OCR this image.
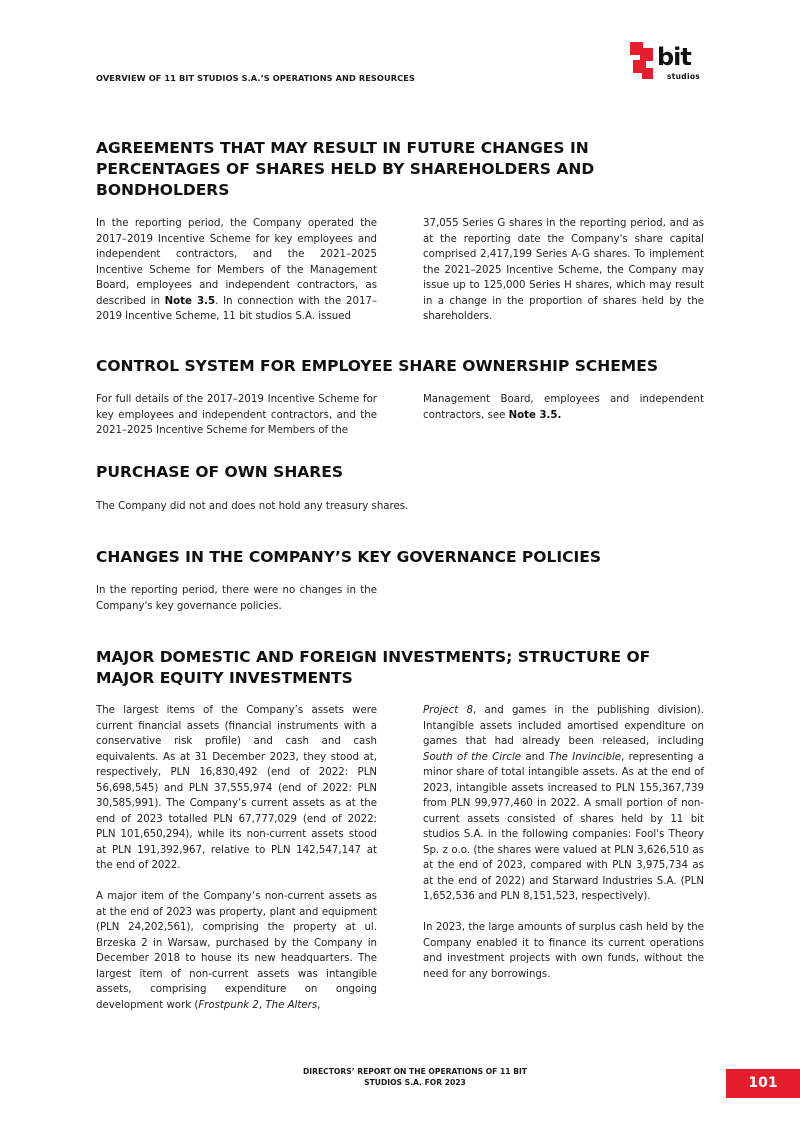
OVERVIEW OF 11 BIT STUDIOS S.A.’S OPERATIONS AND RESOURCES
bit
studios
AGREEMENTS THAT MAY RESULT IN FUTURE CHANGES IN PERCENTAGES OF SHARES HELD BY SHAREHOLDERS AND BONDHOLDERS

In the reporting period, the Company operated the 2017–2019 Incentive Scheme for key employees and independent contractors, and the 2021–2025 Incentive Scheme for Members of the Management Board, employees and independent contractors, as described in Note 3.5. In connection with the 2017–2019 Incentive Scheme, 11 bit studios S.A. issued

37,055 Series G shares in the reporting period, and as at the reporting date the Company's share capital comprised 2,417,199 Series A-G shares. To implement the 2021–2025 Incentive Scheme, the Company may issue up to 125,000 Series H shares, which may result in a change in the proportion of shares held by the shareholders.

CONTROL SYSTEM FOR EMPLOYEE SHARE OWNERSHIP SCHEMES

For full details of the 2017–2019 Incentive Scheme for key employees and independent contractors, and the 2021–2025 Incentive Scheme for Members of the

Management Board, employees and independent contractors, see Note 3.5.

PURCHASE OF OWN SHARES
The Company did not and does not hold any treasury shares.
CHANGES IN THE COMPANY’S KEY GOVERNANCE POLICIES

In the reporting period, there were no changes in the Company's key governance policies.

MAJOR DOMESTIC AND FOREIGN INVESTMENTS; STRUCTURE OF MAJOR EQUITY INVESTMENTS

The largest items of the Company’s assets were current financial assets (financial instruments with a conservative risk profile) and cash and cash equivalents. As at 31 December 2023, they stood at, respectively, PLN 16,830,492 (end of 2022: PLN 56,698,545) and PLN 37,555,974 (end of 2022: PLN 30,585,991). The Company’s current assets as at the end of 2023 totalled PLN 67,777,029 (end of 2022: PLN 101,650,294), while its non-current assets stood at PLN 191,392,967, relative to PLN 142,547,147 at the end of 2022.

A major item of the Company’s non-current assets as at the end of 2023 was property, plant and equipment (PLN 24,202,561), comprising the property at ul. Brzeska 2 in Warsaw, purchased by the Company in December 2018 to house its new headquarters. The largest item of non-current assets was intangible assets, comprising expenditure on ongoing development work (Frostpunk 2, The Alters,

Project 8, and games in the publishing division). Intangible assets included amortised expenditure on games that had already been released, including South of the Circle and The Invincible, representing a minor share of total intangible assets. As at the end of 2023, intangible assets increased to PLN 155,367,739 from PLN 99,977,460 in 2022. A small portion of non-current assets consisted of shares held by 11 bit studios S.A. in the following companies: Fool's Theory Sp. z o.o. (the shares were valued at PLN 3,626,510 as at the end of 2023, compared with PLN 3,975,734 as at the end of 2022) and Starward Industries S.A. (PLN 1,652,536 and PLN 8,151,523, respectively).

In 2023, the large amounts of surplus cash held by the Company enabled it to finance its current operations and investment projects with own funds, without the need for any borrowings.

DIRECTORS’ REPORT ON THE OPERATIONS OF 11 BIT STUDIOS S.A. FOR 2023	101
